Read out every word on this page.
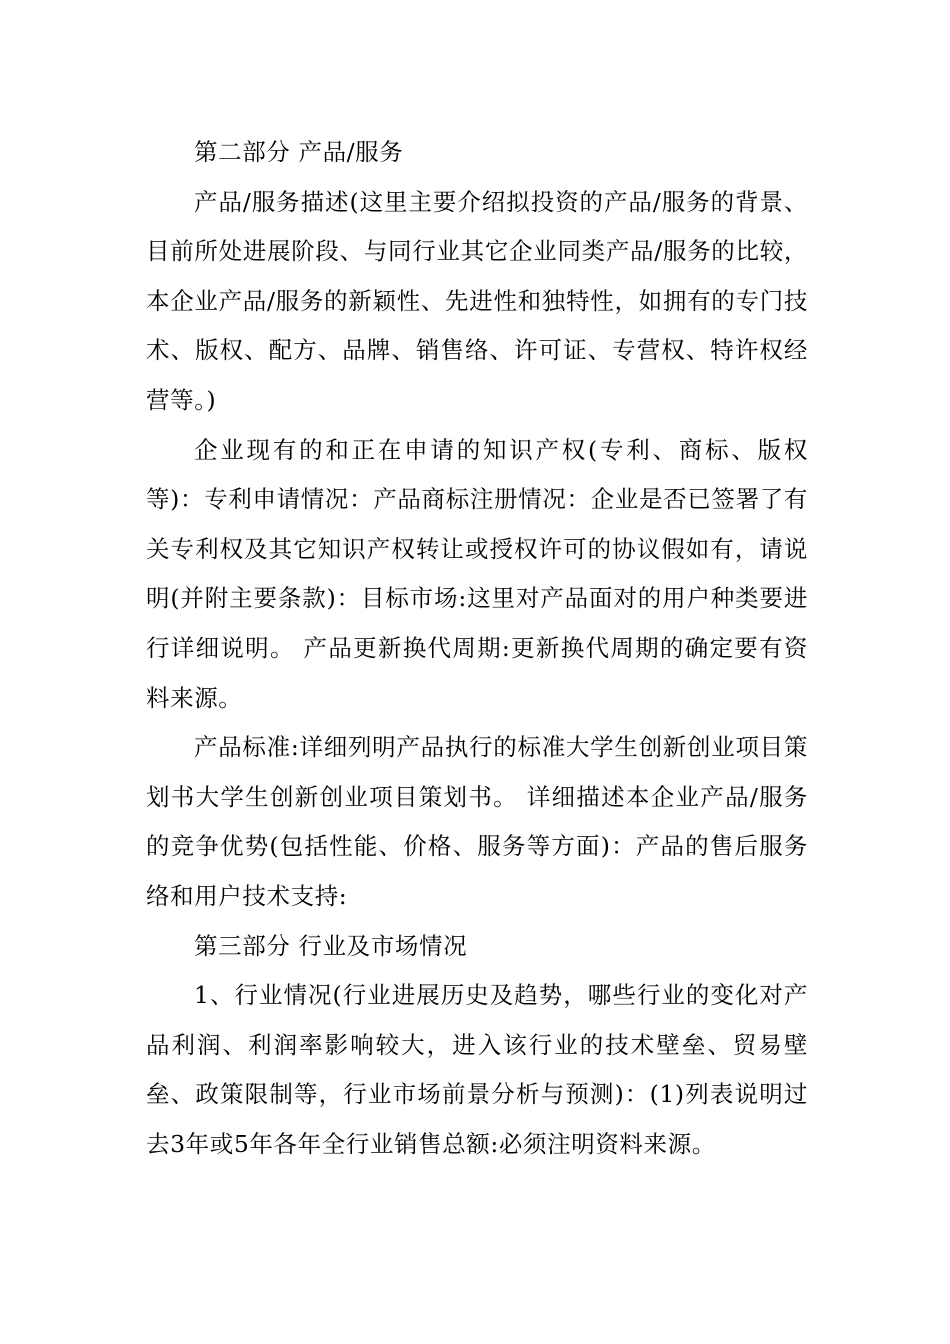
第二部分 产品/服务

产品/服务描述(这里主要介绍拟投资的产品/服务的背景、目前所处进展阶段、与同行业其它企业同类产品/服务的比较，本企业产品/服务的新颖性、先进性和独特性，如拥有的专门技术、版权、配方、品牌、销售络、许可证、专营权、特许权经营等。)

企业现有的和正在申请的知识产权(专利、商标、版权等)：专利申请情况：产品商标注册情况：企业是否已签署了有关专利权及其它知识产权转让或授权许可的协议假如有，请说明(并附主要条款)：目标市场:这里对产品面对的用户种类要进行详细说明。 产品更新换代周期:更新换代周期的确定要有资料来源。

产品标准:详细列明产品执行的标准大学生创新创业项目策划书大学生创新创业项目策划书。 详细描述本企业产品/服务的竞争优势(包括性能、价格、服务等方面)：产品的售后服务络和用户技术支持:

第三部分 行业及市场情况

1、行业情况(行业进展历史及趋势，哪些行业的变化对产品利润、利润率影响较大，进入该行业的技术壁垒、贸易壁垒、政策限制等，行业市场前景分析与预测)：(1)列表说明过去3年或5年各年全行业销售总额:必须注明资料来源。
